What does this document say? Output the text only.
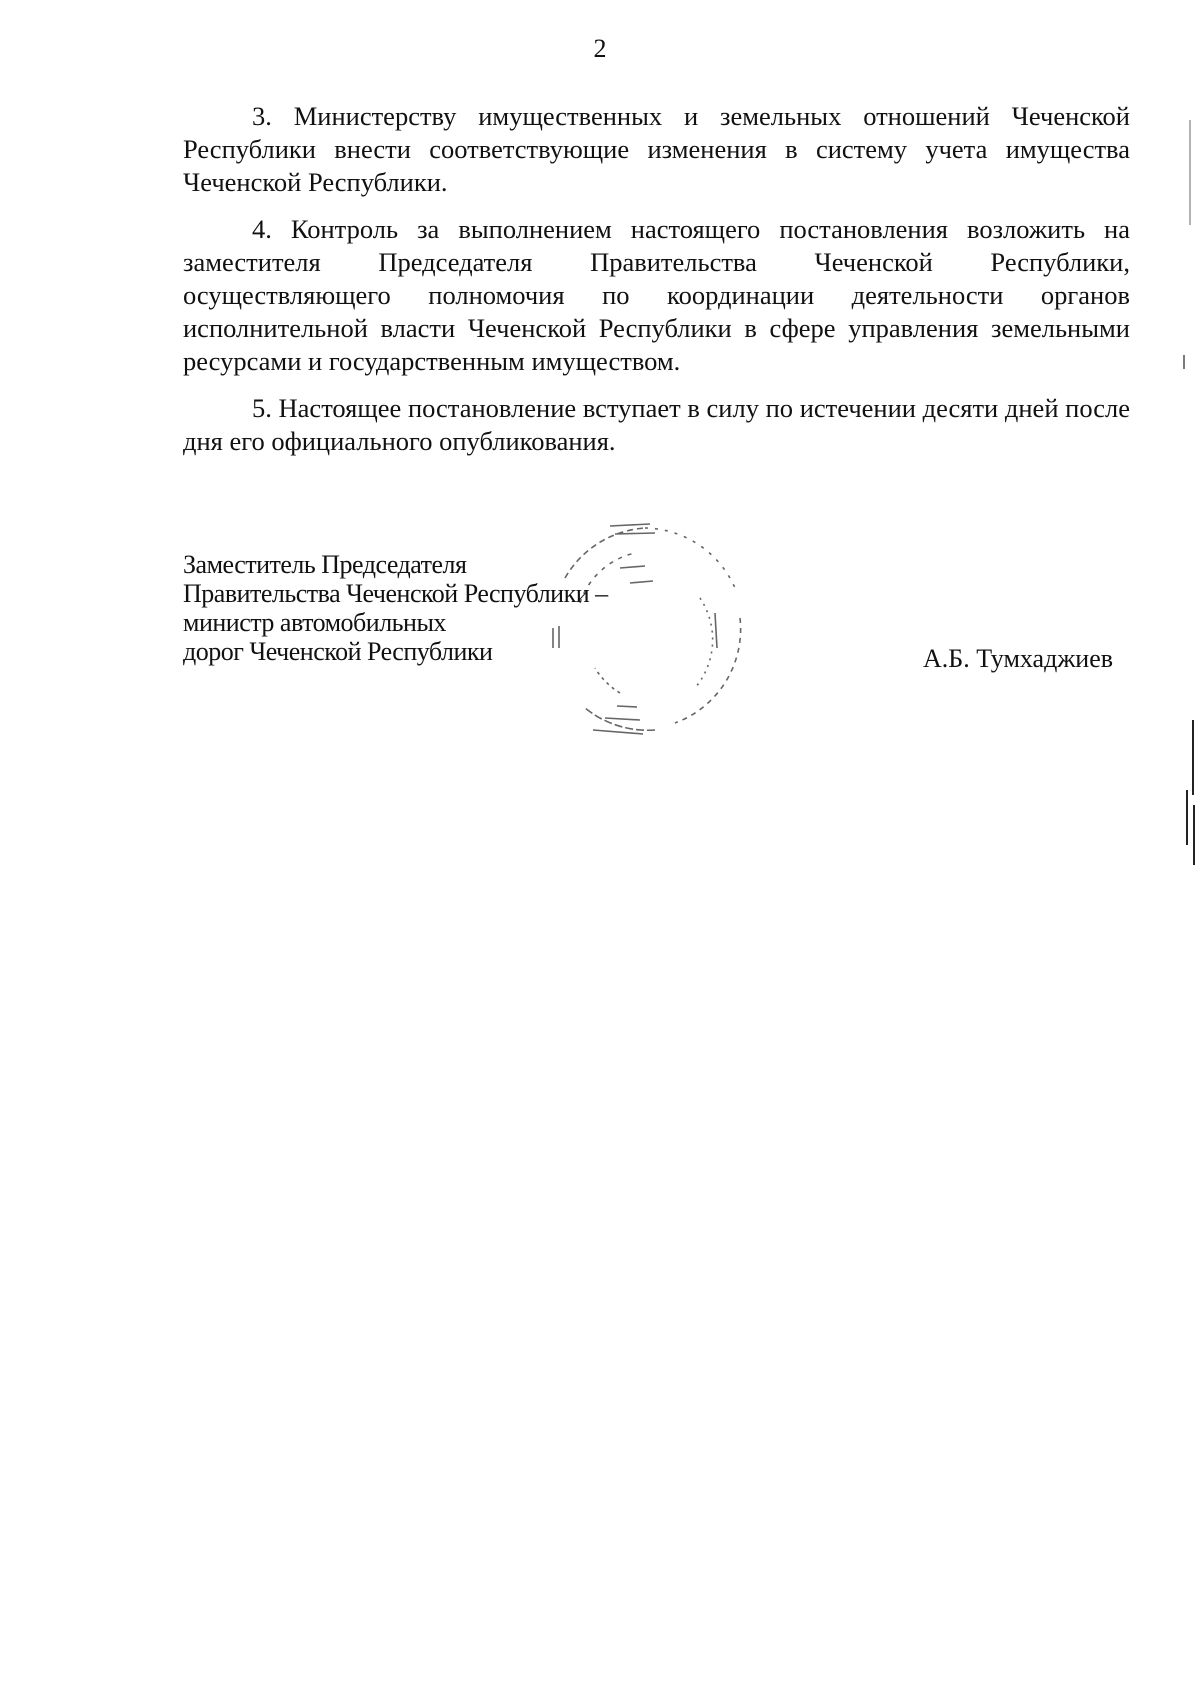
2

3. Министерству имущественных и земельных отношений Чеченской Республики внести соответствующие изменения в систему учета имущества Чеченской Республики.

4. Контроль за выполнением настоящего постановления возложить на заместителя Председателя Правительства Чеченской Республики, осуществляющего полномочия по координации деятельности органов исполнительной власти Чеченской Республики в сфере управления земельными ресурсами и государственным имуществом.

5. Настоящее постановление вступает в силу по истечении десяти дней после дня его официального опубликования.

Заместитель Председателя
Правительства Чеченской Республики –
министр автомобильных
дорог Чеченской Республики	А.Б. Тумхаджиев
